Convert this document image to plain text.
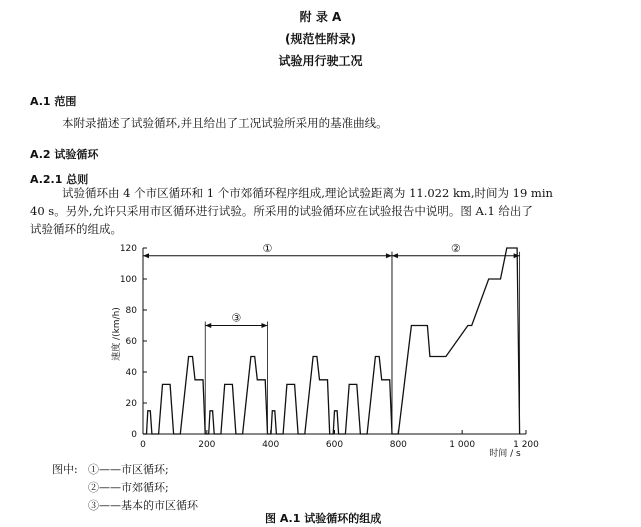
附 录 A
(规范性附录)
试验用行驶工况
A.1 范围
本附录描述了试验循环,并且给出了工况试验所采用的基准曲线。
A.2 试验循环
A.2.1 总则
试验循环由 4 个市区循环和 1 个市郊循环程序组成,理论试验距离为 11.022 km,时间为 19 min
40 s。另外,允许只采用市区循环进行试验。所采用的试验循环应在试验报告中说明。图 A.1 给出了
试验循环的组成。
0	200	400	600	800	1 000	1 200
0
20
40
60
80
100
120	①	②
③
速度 /(km/h)
时间 / s
图中: ①——市区循环;
②——市郊循环;
③——基本的市区循环
图 A.1 试验循环的组成
